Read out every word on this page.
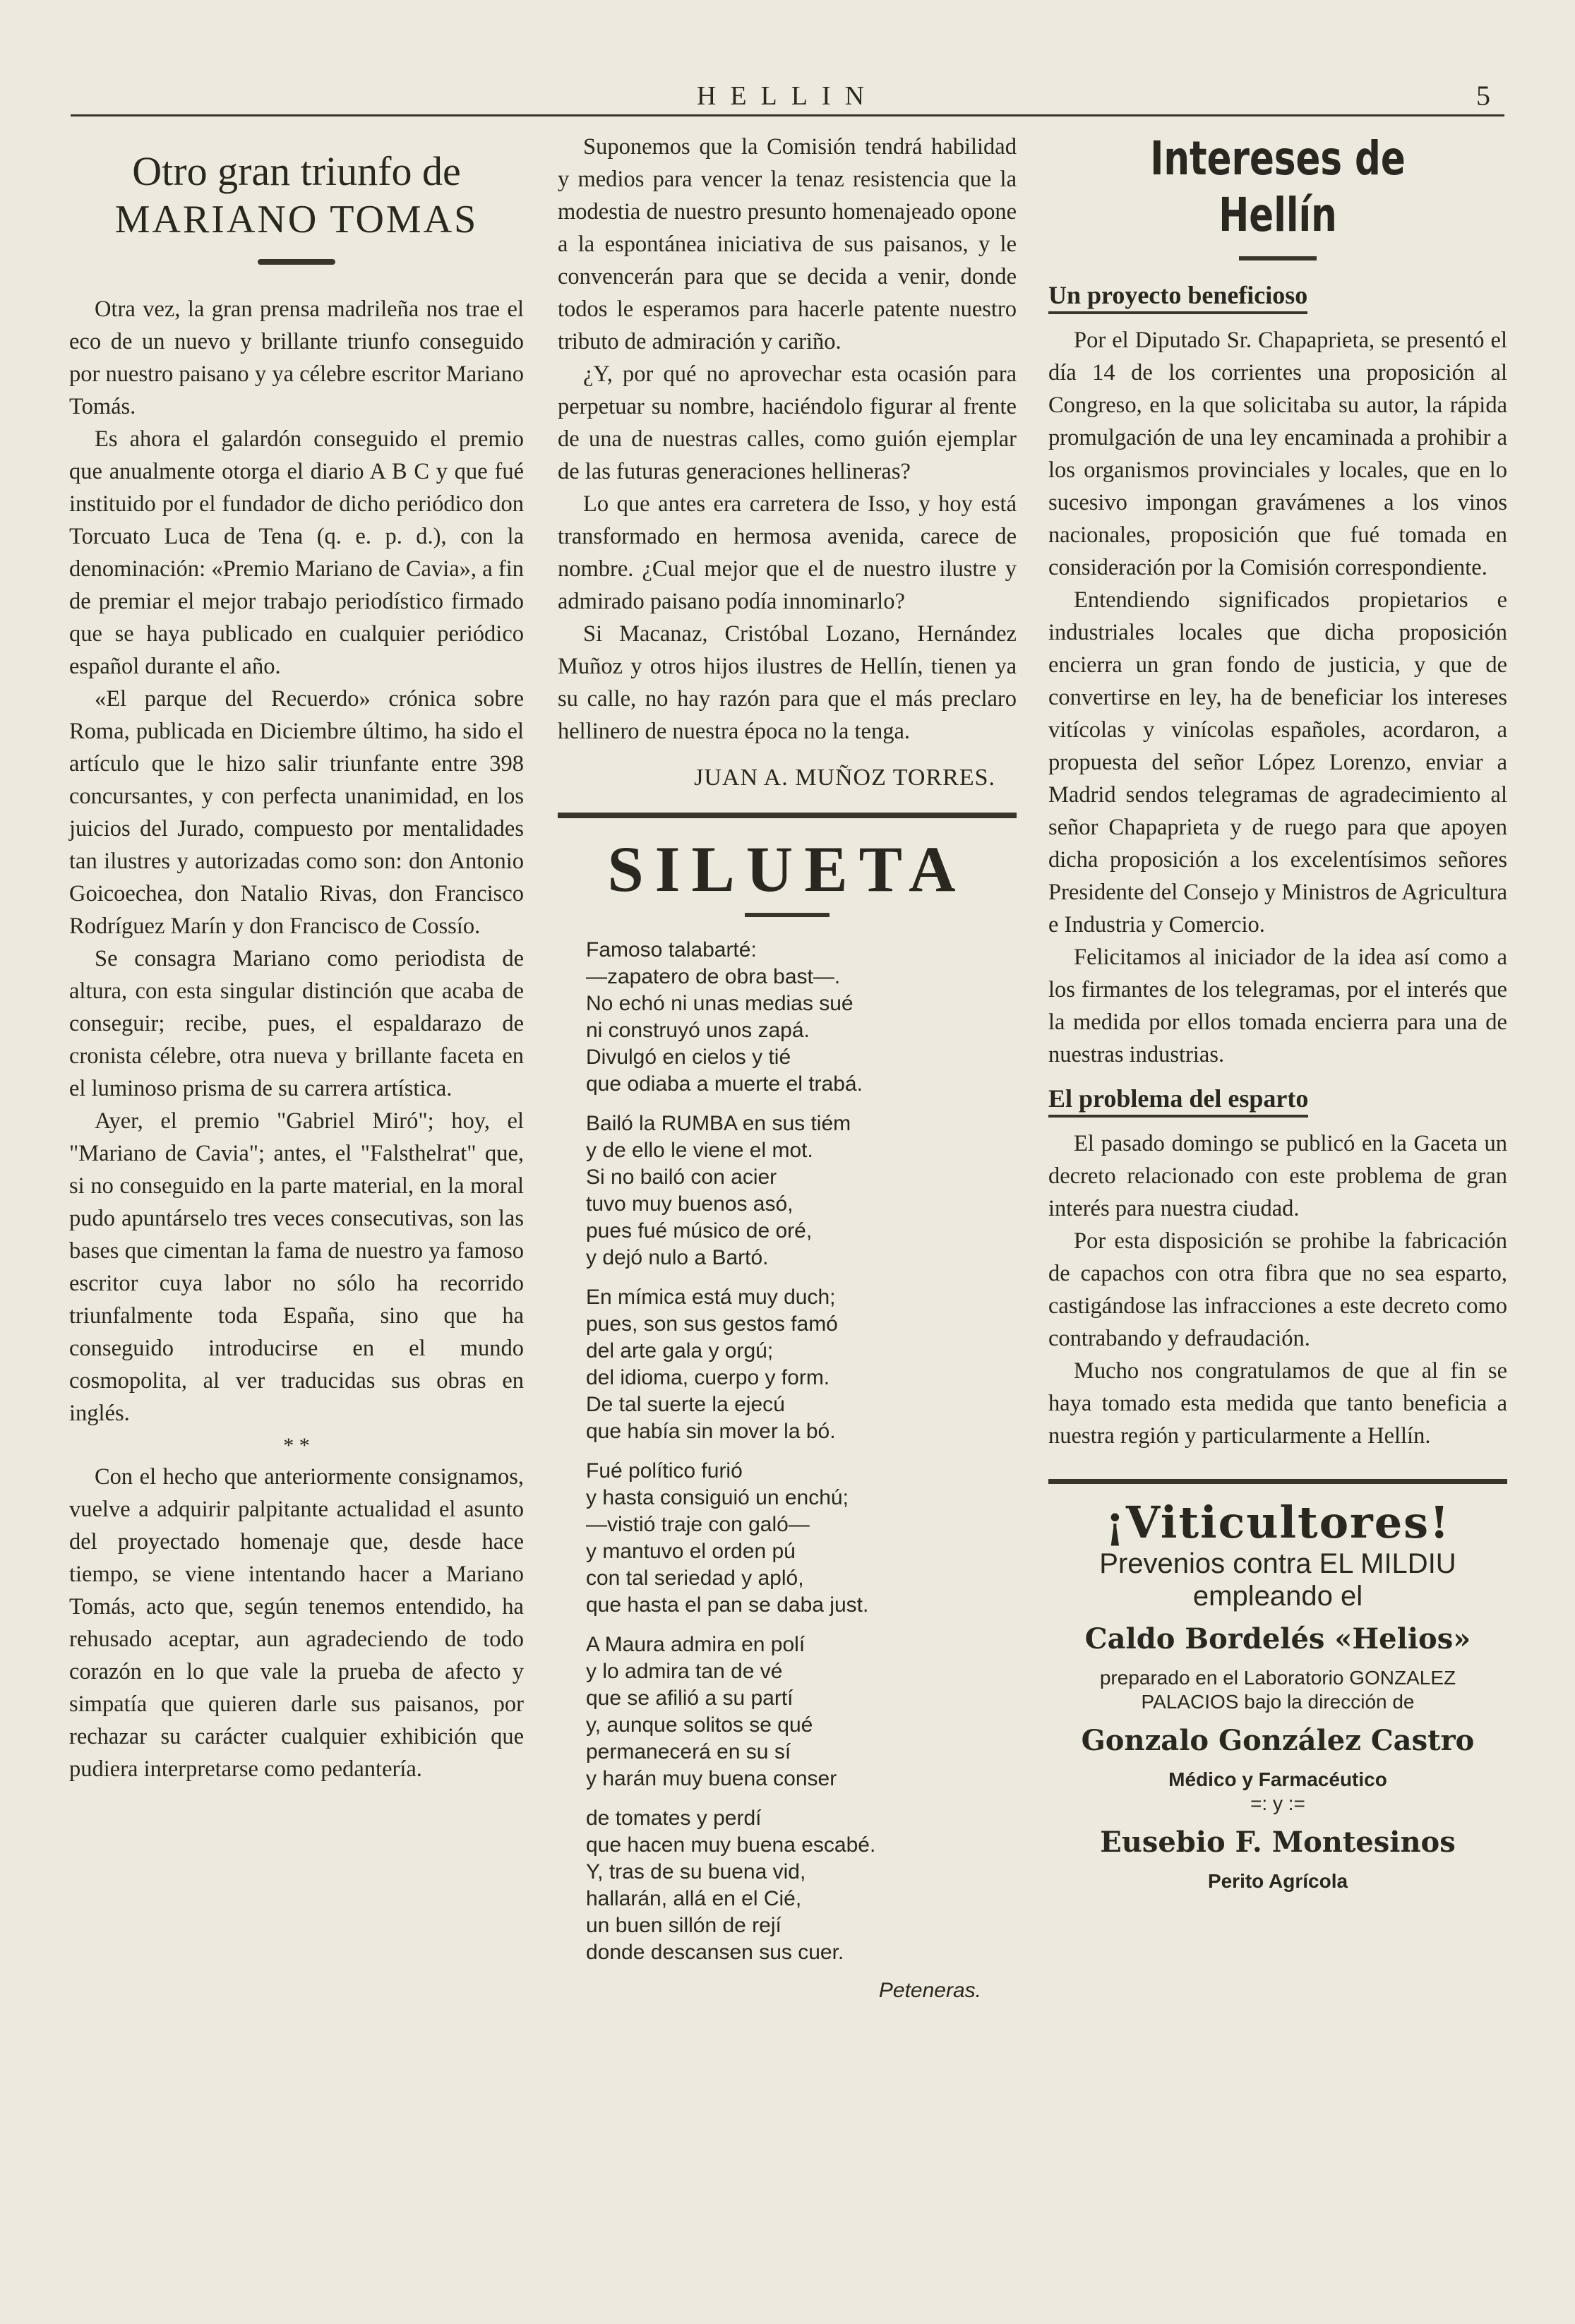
HELLIN	5
Otro gran triunfo de
MARIANO TOMAS

Otra vez, la gran prensa madrileña nos trae el eco de un nuevo y brillante triunfo conseguido por nuestro paisano y ya célebre escritor Mariano Tomás.

Es ahora el galardón conseguido el premio que anualmente otorga el diario A B C y que fué instituido por el fundador de dicho periódico don Torcuato Luca de Tena (q. e. p. d.), con la denominación: «Premio Mariano de Cavia», a fin de premiar el mejor trabajo periodístico firmado que se haya publicado en cualquier periódico español durante el año.

«El parque del Recuerdo» crónica sobre Roma, publicada en Diciembre último, ha sido el artículo que le hizo salir triunfante entre 398 concursantes, y con perfecta unanimidad, en los juicios del Jurado, compuesto por mentalidades tan ilustres y autorizadas como son: don Antonio Goicoechea, don Natalio Rivas, don Francisco Rodríguez Marín y don Francisco de Cossío.

Se consagra Mariano como periodista de altura, con esta singular distinción que acaba de conseguir; recibe, pues, el espaldarazo de cronista célebre, otra nueva y brillante faceta en el luminoso prisma de su carrera artística.

Ayer, el premio "Gabriel Miró"; hoy, el "Mariano de Cavia"; antes, el "Falsthelrat" que, si no conseguido en la parte material, en la moral pudo apuntárselo tres veces consecutivas, son las bases que cimentan la fama de nuestro ya famoso escritor cuya labor no sólo ha recorrido triunfalmente toda España, sino que ha conseguido introducirse en el mundo cosmopolita, al ver traducidas sus obras en inglés.

* *

Con el hecho que anteriormente consignamos, vuelve a adquirir palpitante actualidad el asunto del proyectado homenaje que, desde hace tiempo, se viene intentando hacer a Mariano Tomás, acto que, según tenemos entendido, ha rehusado aceptar, aun agradeciendo de todo corazón en lo que vale la prueba de afecto y simpatía que quieren darle sus paisanos, por rechazar su carácter cualquier exhibición que pudiera interpretarse como pedantería.

Suponemos que la Comisión tendrá habilidad y medios para vencer la tenaz resistencia que la modestia de nuestro presunto homenajeado opone a la espontánea iniciativa de sus paisanos, y le convencerán para que se decida a venir, donde todos le esperamos para hacerle patente nuestro tributo de admiración y cariño.

¿Y, por qué no aprovechar esta ocasión para perpetuar su nombre, haciéndolo figurar al frente de una de nuestras calles, como guión ejemplar de las futuras generaciones hellineras?

Lo que antes era carretera de Isso, y hoy está transformado en hermosa avenida, carece de nombre. ¿Cual mejor que el de nuestro ilustre y admirado paisano podía innominarlo?

Si Macanaz, Cristóbal Lozano, Hernández Muñoz y otros hijos ilustres de Hellín, tienen ya su calle, no hay razón para que el más preclaro hellinero de nuestra época no la tenga.

JUAN A. MUÑOZ TORRES.
SILUETA
Famoso talabarté:
—zapatero de obra bast—.
No echó ni unas medias sué
ni construyó unos zapá.
Divulgó en cielos y tié
que odiaba a muerte el trabá.
Bailó la RUMBA en sus tiém
y de ello le viene el mot.
Si no bailó con acier
tuvo muy buenos asó,
pues fué músico de oré,
y dejó nulo a Bartó.
En mímica está muy duch;
pues, son sus gestos famó
del arte gala y orgú;
del idioma, cuerpo y form.
De tal suerte la ejecú
que había sin mover la bó.
Fué político furió
y hasta consiguió un enchú;
—vistió traje con galó—
y mantuvo el orden pú
con tal seriedad y apló,
que hasta el pan se daba just.
A Maura admira en polí
y lo admira tan de vé
que se afilió a su partí
y, aunque solitos se qué
permanecerá en su sí
y harán muy buena conser
de tomates y perdí
que hacen muy buena escabé.
Y, tras de su buena vid,
hallarán, allá en el Cié,
un buen sillón de rejí
donde descansen sus cuer.
Peteneras.
Intereses de Hellín
Un proyecto beneficioso

Por el Diputado Sr. Chapaprieta, se presentó el día 14 de los corrientes una proposición al Congreso, en la que solicitaba su autor, la rápida promulgación de una ley encaminada a prohibir a los organismos provinciales y locales, que en lo sucesivo impongan gravámenes a los vinos nacionales, proposición que fué tomada en consideración por la Comisión correspondiente.

Entendiendo significados propietarios e industriales locales que dicha proposición encierra un gran fondo de justicia, y que de convertirse en ley, ha de beneficiar los intereses vitícolas y vinícolas españoles, acordaron, a propuesta del señor López Lorenzo, enviar a Madrid sendos telegramas de agradecimiento al señor Chapaprieta y de ruego para que apoyen dicha proposición a los excelentísimos señores Presidente del Consejo y Ministros de Agricultura e Industria y Comercio.

Felicitamos al iniciador de la idea así como a los firmantes de los telegramas, por el interés que la medida por ellos tomada encierra para una de nuestras industrias.

El problema del esparto

El pasado domingo se publicó en la Gaceta un decreto relacionado con este problema de gran interés para nuestra ciudad.

Por esta disposición se prohibe la fabricación de capachos con otra fibra que no sea esparto, castigándose las infracciones a este decreto como contrabando y defraudación.

Mucho nos congratulamos de que al fin se haya tomado esta medida que tanto beneficia a nuestra región y particularmente a Hellín.

¡Viticultores!
Prevenios contra EL MILDIU
empleando el
Caldo Bordelés «Helios»
preparado en el Laboratorio GONZALEZ PALACIOS bajo la dirección de
Gonzalo González Castro
Médico y Farmacéutico
=: y :=
Eusebio F. Montesinos
Perito Agrícola
